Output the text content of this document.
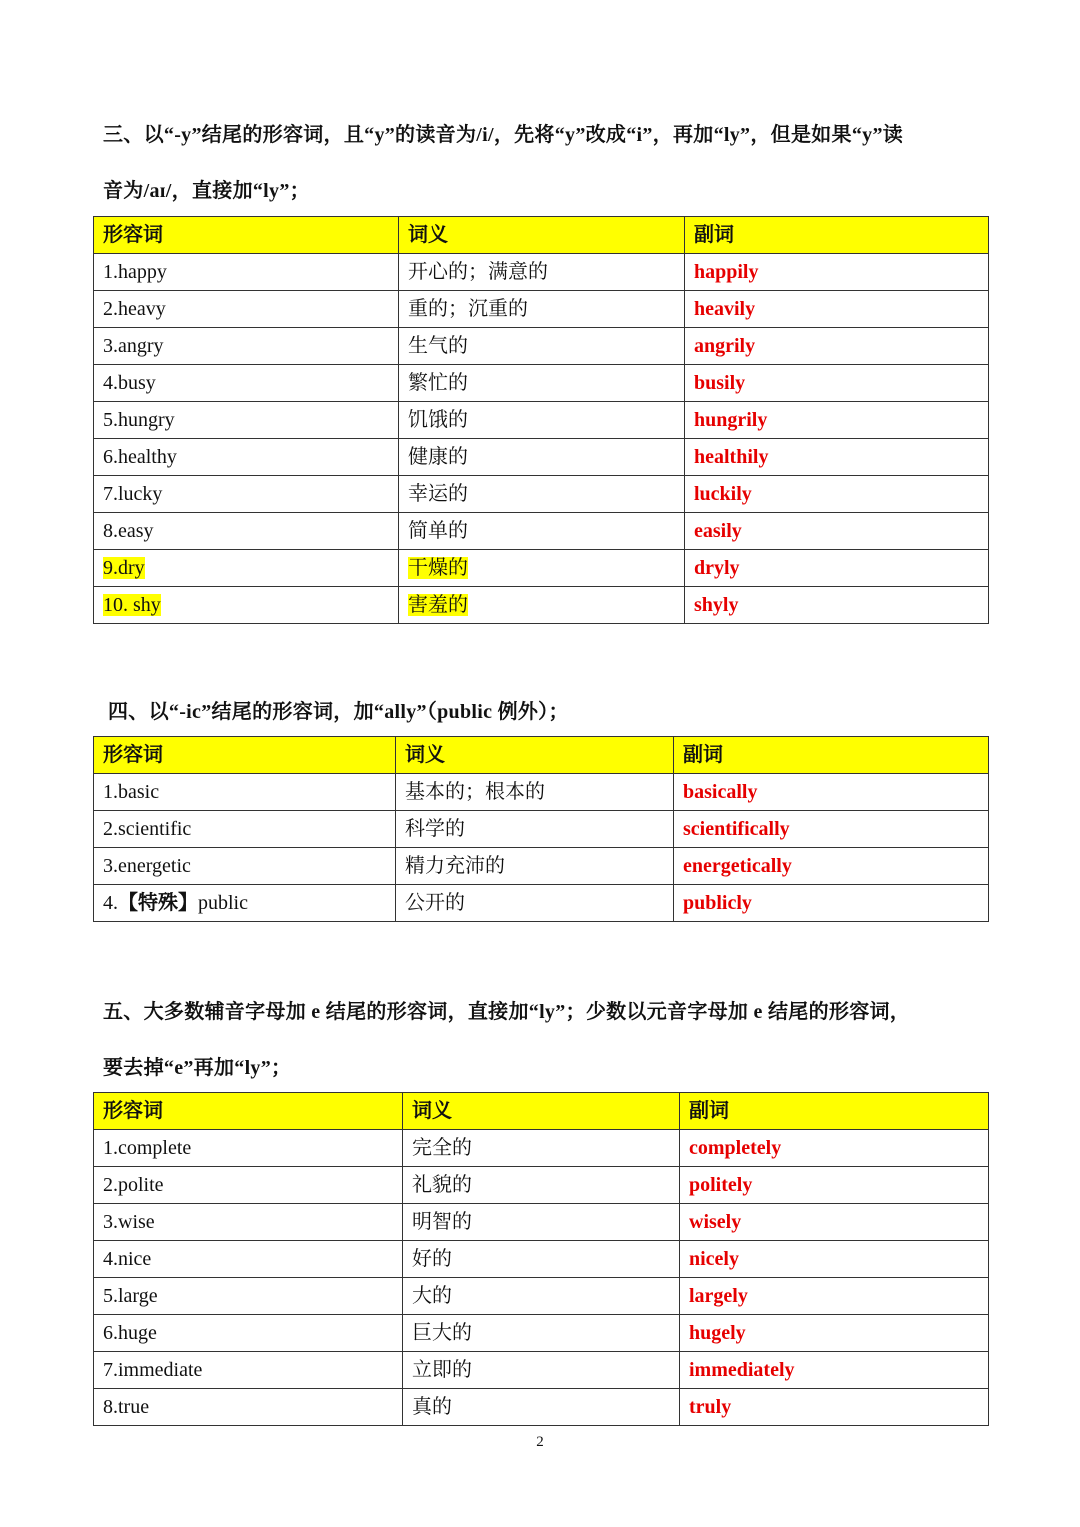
三、以“-y”结尾的形容词，且“y”的读音为/i/，先将“y”改成“i”，再加“ly”，但是如果“y”读
音为/aɪ/，直接加“ly”；
形容词	词义	副词
1.happy	开心的；满意的	happily
2.heavy	重的；沉重的	heavily
3.angry	生气的	angrily
4.busy	繁忙的	busily
5.hungry	饥饿的	hungrily
6.healthy	健康的	healthily
7.lucky	幸运的	luckily
8.easy	简单的	easily
9.dry	干燥的	dryly
10. shy	害羞的	shyly
四、以“-ic”结尾的形容词，加“ally”（public 例外）；
形容词	词义	副词
1.basic	基本的；根本的	basically
2.scientific	科学的	scientifically
3.energetic	精力充沛的	energetically
4.【特殊】public	公开的	publicly
五、大多数辅音字母加 e 结尾的形容词，直接加“ly”；少数以元音字母加 e 结尾的形容词，
要去掉“e”再加“ly”；
形容词	词义	副词
1.complete	完全的	completely
2.polite	礼貌的	politely
3.wise	明智的	wisely
4.nice	好的	nicely
5.large	大的	largely
6.huge	巨大的	hugely
7.immediate	立即的	immediately
8.true	真的	truly
2
